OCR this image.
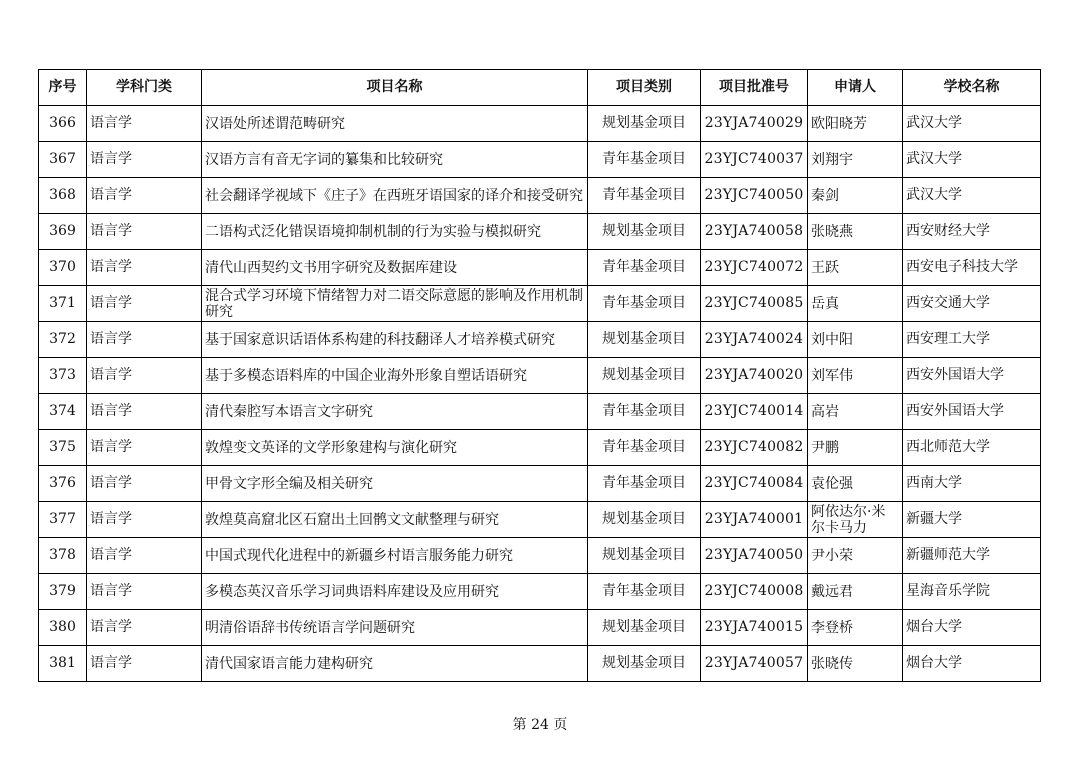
序号	学科门类	项目名称	项目类别	项目批准号	申请人	学校名称
366	语言学	汉语处所述谓范畴研究	规划基金项目	23YJA740029	欧阳晓芳	武汉大学
367	语言学	汉语方言有音无字词的纂集和比较研究	青年基金项目	23YJC740037	刘翔宇	武汉大学
368	语言学	社会翻译学视域下《庄子》在西班牙语国家的译介和接受研究	青年基金项目	23YJC740050	秦剑	武汉大学
369	语言学	二语构式泛化错误语境抑制机制的行为实验与模拟研究	规划基金项目	23YJA740058	张晓燕	西安财经大学
370	语言学	清代山西契约文书用字研究及数据库建设	青年基金项目	23YJC740072	王跃	西安电子科技大学
371	语言学	混合式学习环境下情绪智力对二语交际意愿的影响及作用机制研究	青年基金项目	23YJC740085	岳真	西安交通大学
372	语言学	基于国家意识话语体系构建的科技翻译人才培养模式研究	规划基金项目	23YJA740024	刘中阳	西安理工大学
373	语言学	基于多模态语料库的中国企业海外形象自塑话语研究	规划基金项目	23YJA740020	刘军伟	西安外国语大学
374	语言学	清代秦腔写本语言文字研究	青年基金项目	23YJC740014	高岩	西安外国语大学
375	语言学	敦煌变文英译的文学形象建构与演化研究	青年基金项目	23YJC740082	尹鹏	西北师范大学
376	语言学	甲骨文字形全编及相关研究	青年基金项目	23YJC740084	袁伦强	西南大学
377	语言学	敦煌莫高窟北区石窟出土回鹘文文献整理与研究	规划基金项目	23YJA740001	阿依达尔·米尔卡马力	新疆大学
378	语言学	中国式现代化进程中的新疆乡村语言服务能力研究	规划基金项目	23YJA740050	尹小荣	新疆师范大学
379	语言学	多模态英汉音乐学习词典语料库建设及应用研究	青年基金项目	23YJC740008	戴远君	星海音乐学院
380	语言学	明清俗语辞书传统语言学问题研究	规划基金项目	23YJA740015	李登桥	烟台大学
381	语言学	清代国家语言能力建构研究	规划基金项目	23YJA740057	张晓传	烟台大学
第 24 页
